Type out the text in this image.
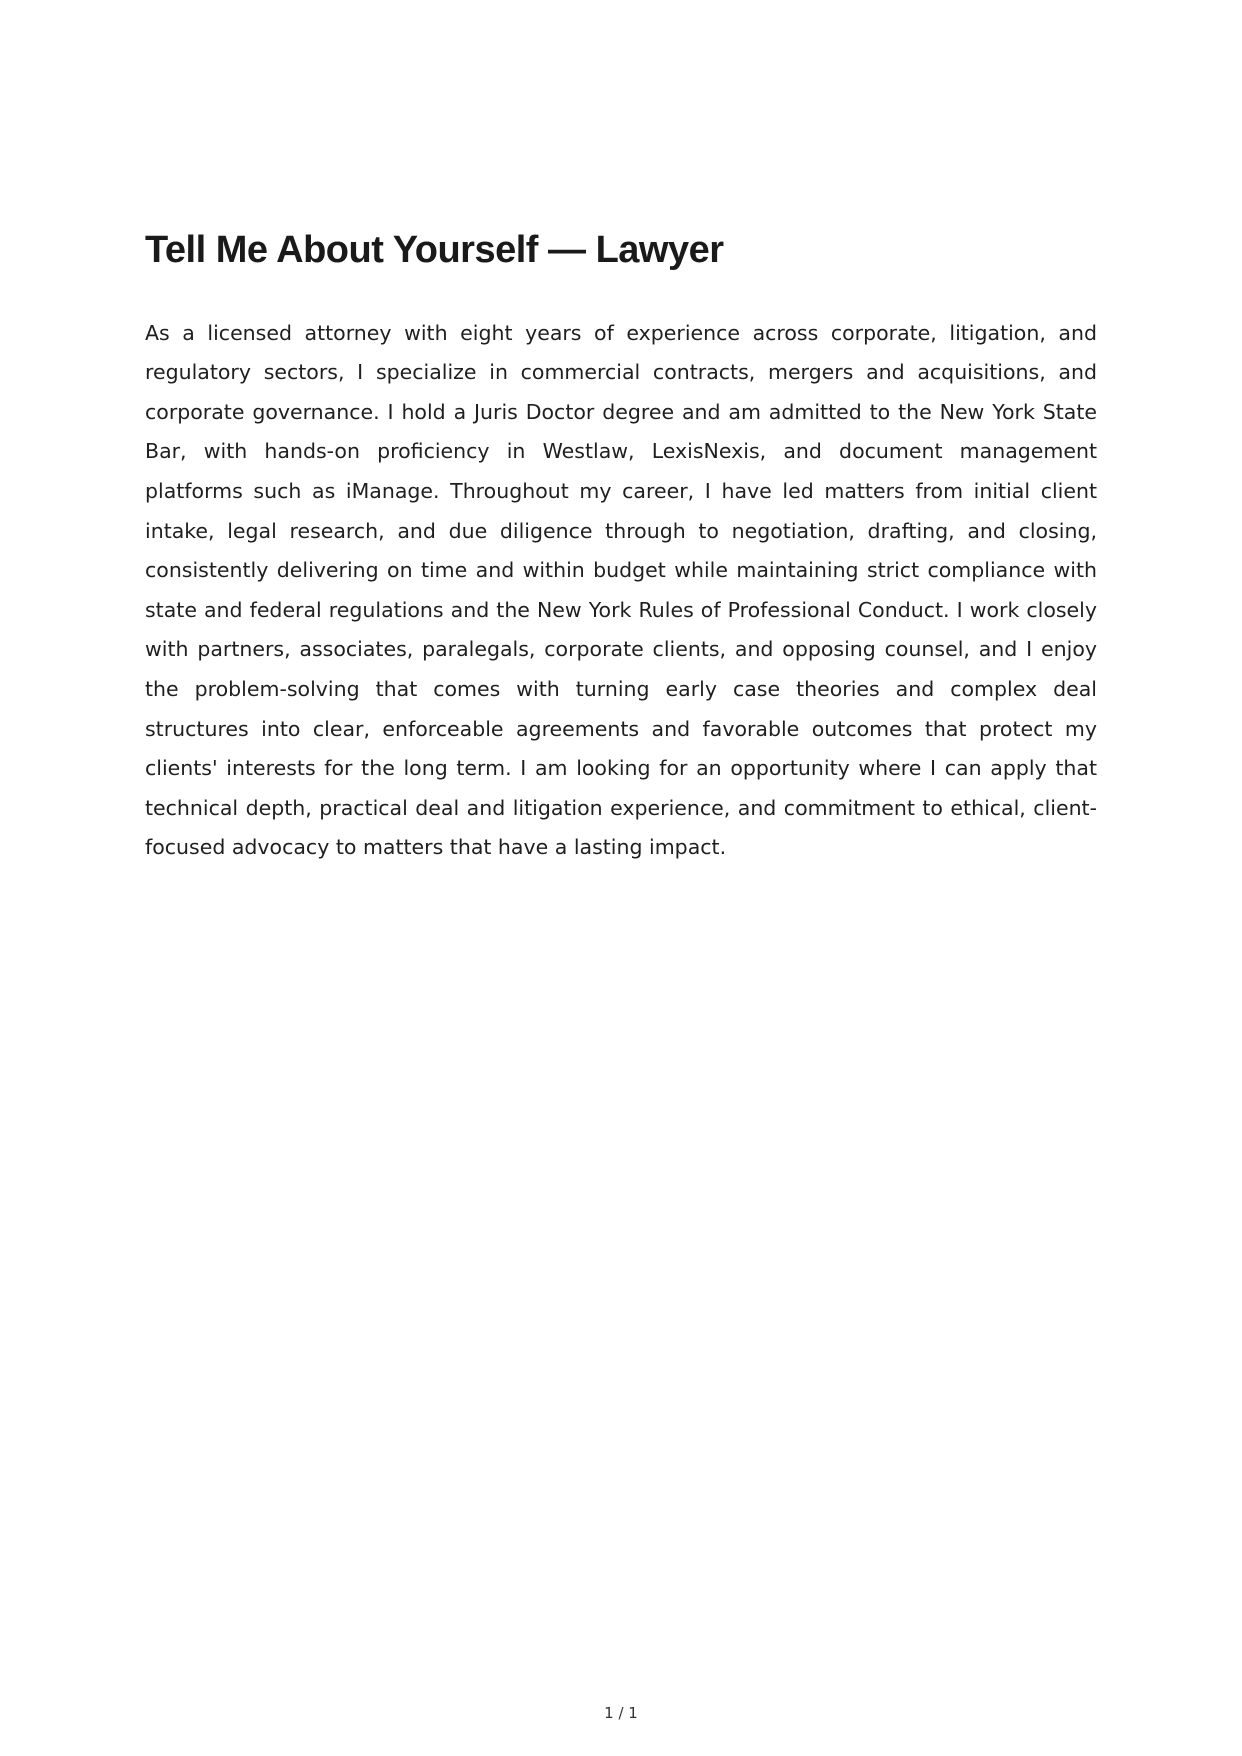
Tell Me About Yourself — Lawyer

As a licensed attorney with eight years of experience across corporate, litigation, and regulatory sectors, I specialize in commercial contracts, mergers and acquisitions, and corporate governance. I hold a Juris Doctor degree and am admitted to the New York State Bar, with hands-on proficiency in Westlaw, LexisNexis, and document management platforms such as iManage. Throughout my career, I have led matters from initial client intake, legal research, and due diligence through to negotiation, drafting, and closing, consistently delivering on time and within budget while maintaining strict compliance with state and federal regulations and the New York Rules of Professional Conduct. I work closely with partners, associates, paralegals, corporate clients, and opposing counsel, and I enjoy the problem-solving that comes with turning early case theories and complex deal structures into clear, enforceable agreements and favorable outcomes that protect my clients' interests for the long term. I am looking for an opportunity where I can apply that technical depth, practical deal and litigation experience, and commitment to ethical, client-focused advocacy to matters that have a lasting impact.

1 / 1
